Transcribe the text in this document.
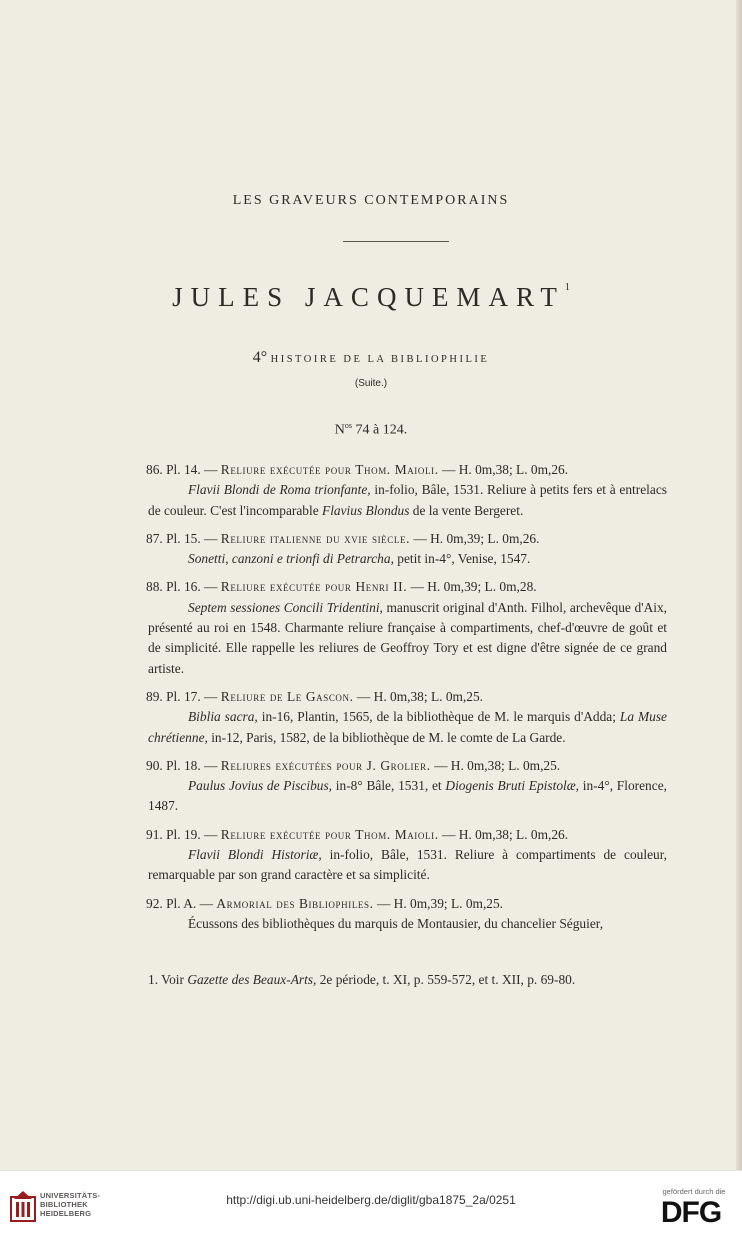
LES GRAVEURS CONTEMPORAINS
JULES JACQUEMART$^1$
4° HISTOIRE DE LA BIBLIOPHILIE
(Suite.)
$N^{os}$ 74 à 124.

86. Pl. 14. — Reliure exécutée pour Thom. Maioli. — H. 0m,38; L. 0m,26.

Flavii Blondi de Roma trionfante, in-folio, Bâle, 1531. Reliure à petits fers et à entrelacs de couleur. C'est l'incomparable Flavius Blondus de la vente Bergeret.

87. Pl. 15. — Reliure italienne du xvie siècle. — H. 0m,39; L. 0m,26.

Sonetti, canzoni e trionfi di Petrarcha, petit in-4°, Venise, 1547.

88. Pl. 16. — Reliure exécutée pour Henri II. — H. 0m,39; L. 0m,28.

Septem sessiones Concili Tridentini, manuscrit original d'Anth. Filhol, archevêque d'Aix, présenté au roi en 1548. Charmante reliure française à compartiments, chef-d'œuvre de goût et de simplicité. Elle rappelle les reliures de Geoffroy Tory et est digne d'être signée de ce grand artiste.

89. Pl. 17. — Reliure de Le Gascon. — H. 0m,38; L. 0m,25.

Biblia sacra, in-16, Plantin, 1565, de la bibliothèque de M. le marquis d'Adda; La Muse chrétienne, in-12, Paris, 1582, de la bibliothèque de M. le comte de La Garde.

90. Pl. 18. — Reliures exécutées pour J. Grolier. — H. 0m,38; L. 0m,25.

Paulus Jovius de Piscibus, in-8° Bâle, 1531, et Diogenis Bruti Epistolæ, in-4°, Florence, 1487.

91. Pl. 19. — Reliure exécutée pour Thom. Maioli. — H. 0m,38; L. 0m,26.

Flavii Blondi Historiæ, in-folio, Bâle, 1531. Reliure à compartiments de couleur, remarquable par son grand caractère et sa simplicité.

92. Pl. A. — Armorial des Bibliophiles. — H. 0m,39; L. 0m,25.

Écussons des bibliothèques du marquis de Montausier, du chancelier Séguier,

1. Voir Gazette des Beaux-Arts, 2e période, t. XI, p. 559-572, et t. XII, p. 69-80.

UNIVERSITÄTS-
BIBLIOTHEK
HEIDELBERG
http://digi.ub.uni-heidelberg.de/diglit/gba1875_2a/0251
gefördert durch die
DFG
